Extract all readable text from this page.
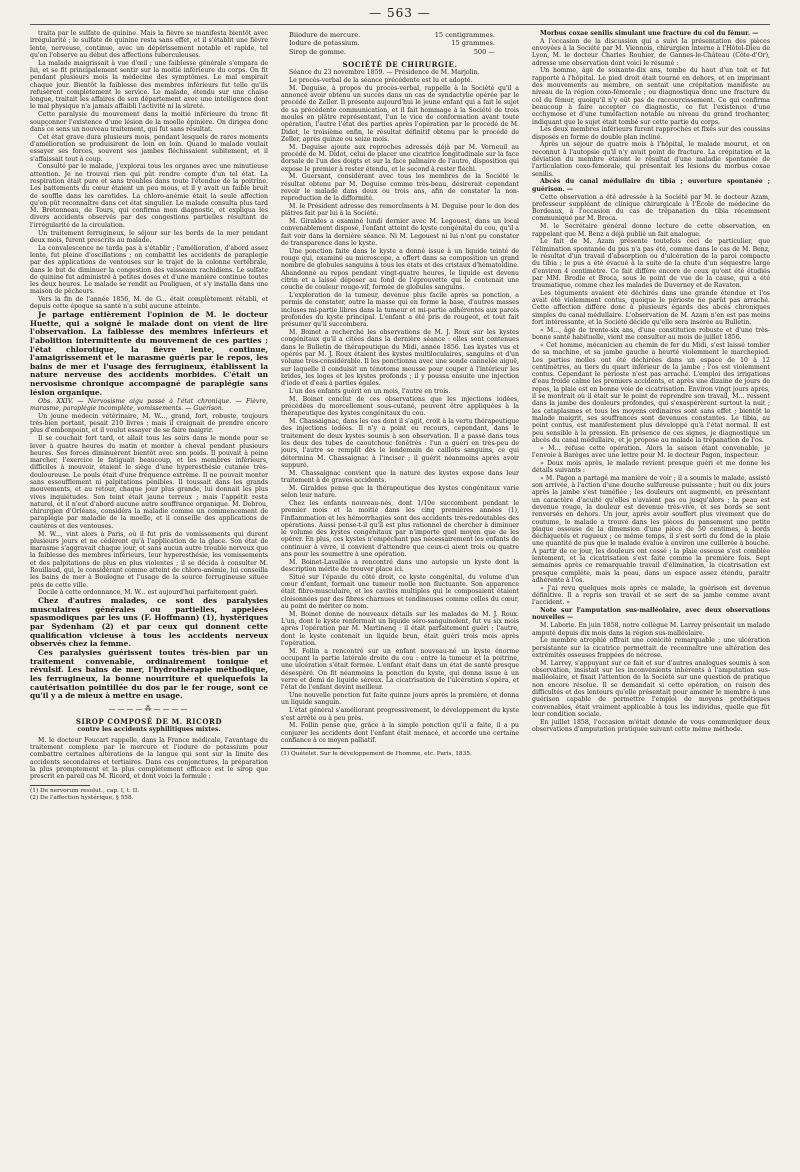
— 563 —

traita par le sulfate de quinine. Mais la fièvre se manifesta bientôt avec irrégularité ; le sulfate de quinine resta sans effet, et il s'établit une fièvre lente, nerveuse, continue, avec un dépérissement notable et rapide, tel qu'on l'observe au début des affections tuberculeuses.

La malade maigrissait à vue d'œil ; une faiblesse générale s'empara de lui, et se fit principalement sentir sur la moitié inférieure du corps. On fit pendant plusieurs mois la médecine des symptômes. Le mal empirait chaque jour. Bientôt la faiblesse des membres inférieurs fut telle qu'ils refusèrent complètement le service. Le malade, étendu sur une chaise longue, traitait les affaires de son département avec une intelligence dont le mal physique n'a jamais affaibli l'activité ni la sûreté.

Cette paralysie du mouvement dans la moitié inférieure du tronc fit soupçonner l'existence d'une lésion de la moelle épinière. On dirigea donc dans ce sens un nouveau traitement, qui fut sans résultat.

Cet état grave dura plusieurs mois, pendant lesquels de rares moments d'amélioration se produisirent de loin en loin. Quand le malade voulait essayer ses forces, souvent ses jambes fléchissaient subitement, et il s'affaissait tout à coup.

Consulté par le malade, j'explorai tous les organes avec une minutieuse attention. Je ne trouvai rien qui pût rendre compte d'un tel état. La respiration était pure et sans troubles dans toute l'étendue de la poitrine. Les battements du cœur étaient un peu mous, et il y avait un faible bruit de souffle dans les carotides. La chloro-anémie était la seule affection qu'on pût reconnaître dans cet état singulier. Le malade consulta plus tard M. Bretonneau, de Tours, qui confirma mon diagnostic, et expliqua les divers accidents observés par des congestions partielles résultant de l'irrégularité de la circulation.

Un traitement ferrugineux, le séjour sur les bords de la mer pendant deux mois, furent prescrits au malade.

La convalescence ne tarda pas à s'établir ; l'amélioration, d'abord assez lente, fut pleine d'oscillations ; on combattit les accidents de paraplegie par des applications de ventouses sur le trajet de la colonne vertébrale, dans le but de diminuer la congestion des vaisseaux rachidiens. Le sulfate de quinine fut administré à petites doses et d'une manière continue toutes les deux heures. Le malade se rendit au Pouliguen, et s'y installa dans une maison de pêcheurs.

Vers la fin de l'année 1856, M. de G... était complètement rétabli, et depuis cette époque sa santé n'a subi aucune atteinte.

Je partage entièrement l'opinion de M. le docteur Huette, qui a soigné le malade dont on vient de lire l'observation. La faiblesse des membres inférieurs et l'abolition intermittente du mouvement de ces parties ; l'état chlorotique, la fièvre lente, continue, l'amaigrissement et le marasme guéris par le repos, les bains de mer et l'usage des ferrugineux, établissent la nature nerveuse des accidents morbides. C'était un nervosisme chronique accompagné de paraplégie sans lésion organique.

Obs. XXIV. — Nervosisme aigu passé à l'état chronique. — Fièvre, marasme, paraplégie incomplète, vomissements. — Guérison.

Un jeune médecin vétérinaire, M. W..., grand, fort, robuste, toujours très-bien portant, pesait 210 livres ; mais il craignait de prendre encore plus d'embonpoint, et il voulut essayer de se faire maigrir.

Il se couchait fort tard, et allait tous les soirs dans le monde pour se lever à quatre heures du matin et monter à cheval pendant plusieurs heures. Ses forces diminuèrent bientôt avec son poids. Il pouvait à peine marcher, l'exercice le fatiguait beaucoup, et les membres inférieurs, difficiles à mouvoir, étaient le siège d'une hyperesthésie cutanée très-douloureuse. Le pouls était d'une fréquence extrême. Il ne pouvait monter sans essoufflement ni palpitations pénibles. Il toussait dans les grands mouvements, et au retour, chaque jour plus grande, lui donnait les plus vives inquiétudes. Son teint était jaune terreux ; mais l'appétit resta naturel, et il n'eut d'abord aucune autre souffrance organique. M. Debrou, chirurgien d'Orléans, considéra la maladie comme un commencement de paraplégie par maladie de la moelle, et il conseille des applications de cautères et des ventouses.

M. W..., vint alors à Paris, où il fut pris de vomissements qui durent plusieurs jours et ne cédèrent qu'à l'application de la glace. Son état de marasme s'aggravait chaque jour, et sans aucun autre trouble nerveux que la faiblesse des membres inférieurs, leur hyperesthésie, les vomissements et des palpitations de plus en plus violentes ; il se décida à consulter M. Rouillaud, qui, le considérant comme atteint de chloro-anémie, lui conseilla les bains de mer à Boulogne et l'usage de la source ferrugineuse située près de cette ville.

Docile à cette ordonnance, M. W... est aujourd'hui parfaitement guéri.

Chez d'autres malades, ce sont des paralysies musculaires générales ou partielles, appelées spasmodiques par les uns (F. Hoffmann) (1), hystériques par Sydenham (2) et par ceux qui donnent cette qualification vicieuse à tous les accidents nerveux observés chez la femme.

Ces paralysies guérissent toutes très-bien par un traitement convenable, ordinairement tonique et révulsif. Les bains de mer, l'hydrothérapie méthodique, les ferrugineux, la bonne nourriture et quelquefois la cautérisation pointillée du dos par le fer rouge, sont ce qu'il y a de mieux à mettre en usage.

————⁂————
SIROP COMPOSÉ DE M. RICORD
contre les accidents syphilitiques mixtes.

M. le docteur Foucart rappelle, dans la France médicale, l'avantage du traitement complexe par le mercure et l'iodure de potassium pour combattre certaines altérations de la langue qui sont sur la limite des accidents secondaires et tertiaires. Dans ces conjonctures, la préparation la plus promptement et la plus complètement efficace est le sirop que prescrit en pareil cas M. Ricord, et dont voici la formule :

(1) De nervorum resolut., cap. I, t. II.

(2) De l'affection hystérique, § 558.

Biiodure de mercure.	15 centigrammes.
Iodure de potassium.	15 grammes.
Sirop de gomme.	500 —
SOCIÉTÉ DE CHIRURGIE.

Séance du 23 novembre 1859. — Présidence de M. Marjolin.

Le procès-verbal de la séance précédente est lu et adopté.

M. Deguise, à propos du procès-verbal, rappelle à la Société qu'il a annoncé avoir obtenu un succès dans un cas de syndactylie opérée par le procédé de Zeller. Il présente aujourd'hui le jeune enfant qui a fait le sujet de sa précédente communication, et il fait hommage à la Société de trois moules en plâtre représentant, l'un le vice de conformation avant toute opération, l'autre l'état des parties après l'opération par le procédé de M. Didot, le troisième enfin, le résultat définitif obtenu par le procédé de Zeller, après quinze ou seize mois.

M. Deguise ajoute aux reproches adressés déjà par M. Verneuil au procédé de M. Didot, celui de placer une cicatrice longitudinale sur la face dorsale de l'un des doigts et sur la face palmaire de l'autre, disposition qui expose le premier à rester étendu, et le second à rester fléchi.

M. Guersant, considérant avec tous les membres de la Société le résultat obtenu par M. Deguise comme très-beau, désirerait cependant revoir le malade dans deux ou trois ans, afin de constater la non-reproduction de la difformité.

M. le Président adresse des remercîments à M. Deguise pour le don des plâtres fait par lui à la Société.

M. Giraldes a examiné lundi dernier avec M. Legouest, dans un local convenablement disposé, l'enfant atteint de kyste congénital du cou, qu'il a fait voir dans la dernière séance. Ni M. Legouest ni lui n'ont pu constater de transparence dans le kyste.

Une ponction faite dans le kyste a donné issue à un liquide teinté de rouge qui, examiné au microscope, a offert dans sa composition un grand nombre de globules sanguins à tous les états et des cristaux d'hématoidine. Abandonné au repos pendant vingt-quatre heures, le liquide est devenu citrin et a laissé déposer au fond de l'éprouvette qui le contenait une couche de couleur rouge-vif, formée de globules sanguins.

L'exploration de la tumeur, devenue plus facile après sa ponction, a permis de constater, outre la masse qui en forme la base, d'autres masses incluses mi-partie libres dans la tumeur et mi-partie adhérentes aux parois profondes du kyste principal. L'enfant a été pris de rougeot, et tout fait présumer qu'il succombera.

M. Boinet a recherché les observations de M. J. Roux sur les kystes congénitaux qu'il a citées dans la dernière séance : elles sont contenues dans le Bulletin de thérapeutique du Midi, année 1856. Les kystes vus et opérés par M. J. Roux étaient des kystes multiloculaires, sanguins et d'un volume très-considérable. Il les ponctionna avec une sonde cannelée aiguë, sur laquelle il conduisit un ténotome mousse pour couper à l'intérieur les brides, les loges et les kystes profonds ; il y poussa ensuite une injection d'iode et d'eau à parties égales.

L'un des enfants guérit en un mois, l'autre en trois.

M. Boinet conclut de ces observations que les injections iodées, précédées du morcellement sous-cutané, peuvent être appliquées à la thérapeutique des kystes congénitaux du cou.

M. Chassaignac, dans les cas dont il s'agit, croit à la vertu thérapeutique des injections iodées. Il n'y a point eu recours, cependant, dans le traitement de deux kystes soumis à son observation. Il a passé dans tous les deux des tubes de caoutchouc fenêtrés : l'un a guéri en très-peu de jours, l'autre se remplit dès le lendemain de caillots sanguins, ce qui détermina M. Chassaignac à l'inciser ; il guérit néanmoins après avoir suppuré.

M. Chassaignac convient que la nature des kystes expose dans leur traitement à de graves accidents.

M. Giraldes pense que la thérapeutique des kystes congénitaux varie selon leur nature.

Chez les enfants nouveau-nés, dont 1/10e succombent pendant le premier mois et la moitié dans les cinq premières années (1), l'inflammation et les hémorrhagies sont des accidents très-redoutables des opérations. Aussi pense-t-il qu'il est plus rationnel de chercher à diminuer le volume des kystes congénitaux par n'importe quel moyen que de les opérer. En plus, ces kystes n'empêchant pas nécessairement les enfants de continuer à vivre, il convient d'attendre que ceux-ci aient trois ou quatre ans pour les soumettre à une opération.

M. Boinet-Lavallée a rencontré dans une autopsie un kyste dont la description mérite de trouver place ici.

Situé sur l'épaule du côté droit, ce kyste congénital, du volume d'un cœur d'enfant, formait une tumeur molle non fluctuante. Son apparence était fibro-musculaire, et les cavités multiples qui le composaient étaient cloisonnées par des fibres charnues et tendineuses comme celles du cœur, au point de mériter ce nom.

M. Boinet donne de nouveaux détails sur les malades de M. J. Roux. L'un, dont le kyste renfermait un liquide séro-sanguinolent, fut vu six mois après l'opération par M. Martinenq : il était parfaitement guéri ; l'autre, dont le kyste contenait un liquide brun, était guéri trois mois après l'opération.

M. Follin a rencontré sur un enfant nouveau-né un kyste énorme occupant la partie latérale droite du cou : entre la tumeur et la poitrine, une ulcération s'était formée. L'enfant était dans un état de santé presque désespéré. On fit néanmoins la ponction du kyste, qui donna issue à un verre et demi de liquide séreux. La cicatrisation de l'ulcération s'opéra, et l'état de l'enfant devint meilleur.

Une nouvelle ponction fut faite quinze jours après la première, et donna un liquide sanguin.

L'état général s'améliorant progressivement, le développement du kyste s'est arrêté ou à peu près.

M. Follin pense que, grâce à la simple ponction qu'il a faite, il a pu conjurer les accidents dont l'enfant était menacé, et accorde une certaine confiance à ce moyen palliatif.

(1) Quételet. Sur le développement de l'homme, etc. Paris, 1835.

Morbus coxae senilis simulant une fracture du col du fémur. —

A l'occasion de la discussion qui a suivi la présentation des pièces envoyées à la Société par M. Viennois, chirurgien interne à l'Hôtel-Dieu de Lyon, M. le docteur Charles Rouhier, de Gannes-le-Château (Côte-d'Or), adresse une observation dont voici le résumé :

Un homme, âgé de soixante-dix ans, tombe du haut d'un toit et fut rapporté à l'hôpital. Le pied droit était tourné en dehors, et en imprimant des mouvements au membre, on sentait une crépitation manifeste au niveau de la région coxo-fémorale ; ou diagnostiqua donc une fracture du col du fémur, quoiqu'il n'y eût pas de raccourcissement. Ce qui confirma beaucoup à faire accepter ce diagnostic, ce fut l'existence d'une ecchymose et d'une tuméfaction notable au niveau du grand trochanter, indiquant que le sujet était tombé sur cette partie du corps.

Les deux membres inférieurs furent rapprochés et fixés sur des coussins disposés en forme de double plan incliné.

Après un séjour de quatre mois à l'hôpital, le malade mourut, et on reconnut à l'autopsie qu'il n'y avait point de fracture. La crépitation et la déviation du membre étaient le résultat d'une maladie spontanée de l'articulation coxo-fémorale, qui présentait les lésions du morbus coxae senilis.

Abcès du canal médullaire du tibia ; ouverture spontanée ; guérison. —

Cette observation a été adressée à la Société par M. le docteur Azam, professeur suppléant de clinique chirurgicale à l'École de médecine de Bordeaux, à l'occasion du cas de trépanation du tibia récemment communiqué par M. Broca.

M. le Secrétaire général donne lecture de cette observation, en rappelant que M. Benz a déjà publié un fait analogue.

Le fait de M. Azam présente toutefois ceci de particulier, que l'élimination spontanée du pus n'a pas été, comme dans le cas de M. Benz, le résultat d'un travail d'absorption ou d'ulcération de la paroi compacte du tibia ; le pus a été évacué à la suite de la chute d'un séquestre large d'environ 4 centimètre. Ce fait diffère encore de ceux qu'ont été étudiés par MM. Brodie et Broca, sous le point de vue de la cause, qui a été traumatique, comme chez les malades de Duverney et de Ravaton.

Les téguments avaient été déchirés dans une grande étendue et l'os avait été violemment contus, quoique le périoste ne parût pas arraché. Cette affection diffère donc à plusieurs égards des abcès chroniques simples du canal médullaire. L'observation de M. Azam n'en est pas moins fort intéressante, et la Société décide qu'elle sera insérée au Bulletin.

« M..., âgé de trente-six ans, d'une constitution robuste et d'une très-bonne santé habituelle, vient me consulter au mois de juillet 1856.

« Cet homme, mécanicien au chemin de fer du Midi, s'est laissé tomber de sa machine, et sa jambe gauche a heurté violemment le marchepied. Les parties molles ont été déchirées dans un espace de 10 à 12 centimètres, au tiers du quart inférieur de la jambe ; l'os est violemment contus. Cependant le périoste n'est pas arraché. L'emploi des irrigations d'eau froide calme les premiers accidents, et après une dizaine de jours de repos, la plaie est en bonne voie de cicatrisation. Environ vingt jours après, il se montrait où il était sur le point de reprendre son travail, M... ressent dans la jambe des douleurs profondes, qui s'exaspérèrent surtout la nuit ; les cataplasmes et tous les moyens ordinaires sont sans effet ; bientôt le malade maigrit, ses souffrances sont devenues constantes. Le tibia, au point contus, est manifestement plus développé qu'à l'état normal. Il est peu sensible à la pression. En présence de ces signes, je diagnostique un abcès du canal médullaire, et je propose au malade la trépanation de l'os.

» M... refuse cette opération. Alors la saison étant convenable, je l'envoie à Barèges avec une lettre pour M. le docteur Pagon, inspecteur.

» Deux mois après, le malade revient presque guéri et me donne les détails suivants :

» M. Pagon a partagé ma manière de voir ; il a soumis le malade, assisté son arrivée, à l'action d'une douche sulfureuse puissante ; huit ou dix jours après la jambe s'est tuméfiée ; les douleurs ont augmenté, en présentant un caractère d'acuité qu'elles n'avaient pas eu jusqu'alors ; la peau est devenue rouge, la douleur est devenue très-vive, et ses bords se sont renversés en dehors. Un jour, après avoir souffert plus vivement que de coutume, le malade a trouvé dans les pièces du pansement une petite plaque osseuse de la dimension d'une pièce de 50 centimes, à bords déchiquetés et rugueux ; ce même temps, il s'est sorti du fond de la plaie une quantité de pus que le malade évalue à environ une cuillerée à bouche. A partir de ce jour, les douleurs ont cessé ; la plaie osseuse s'est comblée lentement, et la cicatrisation s'est faite comme la première fois. Sept semaines après ce remarquable travail d'élimination, la cicatrisation est presque complète, mais la peau, dans un espace assez étendu, paraitr adhérente à l'os.

» J'ai revu quelques mois après ce malade, la guérison est devenue définitive. Il a repris son travail et se sert de sa jambe comme avant l'accident. »

Note sur l'amputation sus-malléolaire, avec deux observations nouvelles —

M. Laborie. En juin 1858, notre collègue M. Larrey présentait un malade amputé depuis dix mois dans la région sus-malléolaire.

Le membre atrophié offrait une conicité remarquable ; une ulcération persistante sur la cicatrice permettait de reconnaître une altération des extrémités osseuses frappées de nécrose.

M. Larrey, s'appuyant sur ce fait et sur d'autres analogues soumis à son observation, insistait sur les inconvénients inhérents à l'amputation sus-malléolaire, et fixait l'attention de la Société sur une question de pratique non encore résolue. Il se demandait si cette opération, en raison des difficultés et des lenteurs qu'elle présentait pour amener le membre à une guérison capable de permettre l'emploi de moyens prothétiques convenables, était vraiment applicable à tous les individus, quelle que fût leur condition sociale.

En juillet 1858, l'occasion m'était donnée de vous communiquer deux observations d'amputation pratiquée suivant cette même méthode.
